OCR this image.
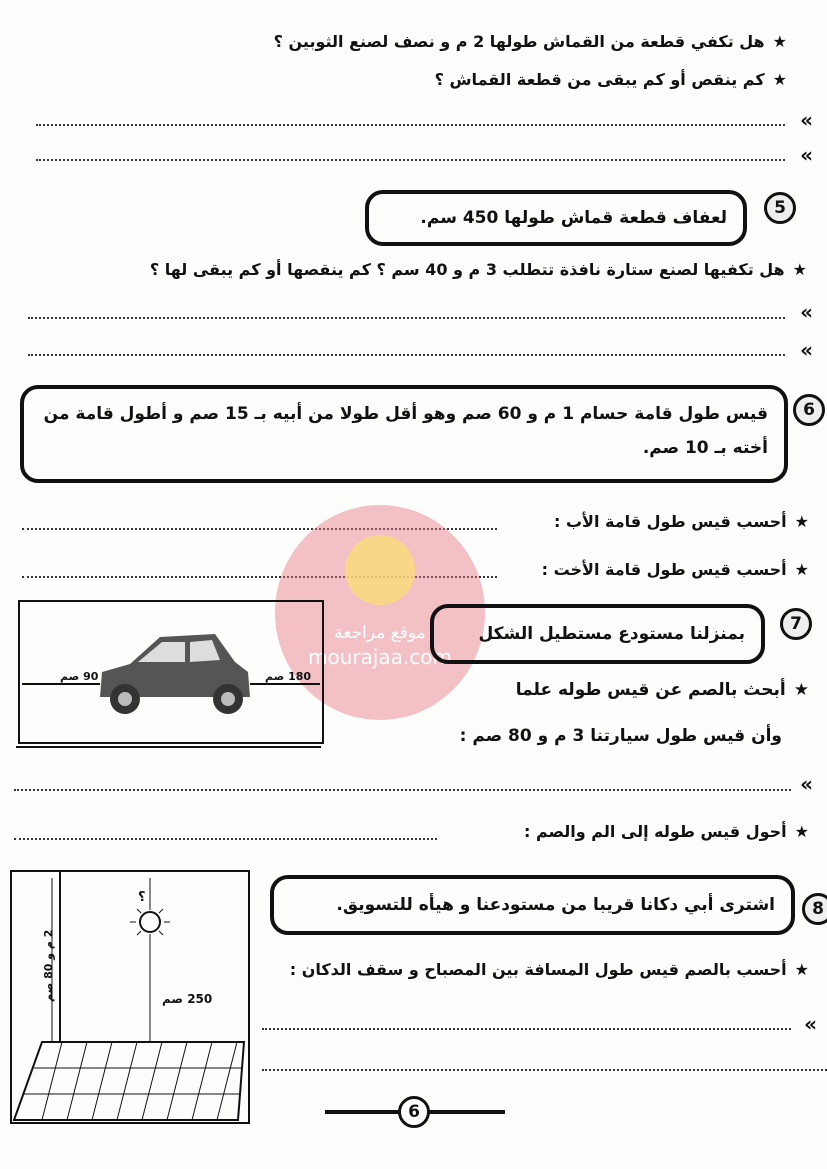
★هل تكفي قطعة من القماش طولها 2 م و نصف لصنع الثوبين ؟
★كم ينقص أو كم يبقى من قطعة القماش ؟
«
«
5
لعفاف قطعة قماش طولها 450 سم.
★هل تكفيها لصنع ستارة نافذة تتطلب 3 م و 40 سم ؟ كم ينقصها أو كم يبقى لها ؟
«
«
6
قيس طول قامة حسام 1 م و 60 صم وهو أقل طولا من أبيه بـ 15 صم و أطول قامة من أخته بـ 10 صم.
★أحسب قيس طول قامة الأب :
★أحسب قيس طول قامة الأخت :
موقع مراجعة
mourajaa.com
90 صم	180 صم
7
بمنزلنا مستودع مستطيل الشكل
★أبحث بالصم عن قيس طوله علما
وأن قيس طول سيارتنا 3 م و 80 صم :
«
★أحول قيس طوله إلى الم والصم :
؟
250 صم
2 م و 80 صم
8
اشترى أبي دكانا قريبا من مستودعنا و هيأه للتسويق.
★أحسب بالصم قيس طول المسافة بين المصباح و سقف الدكان :
«
6
